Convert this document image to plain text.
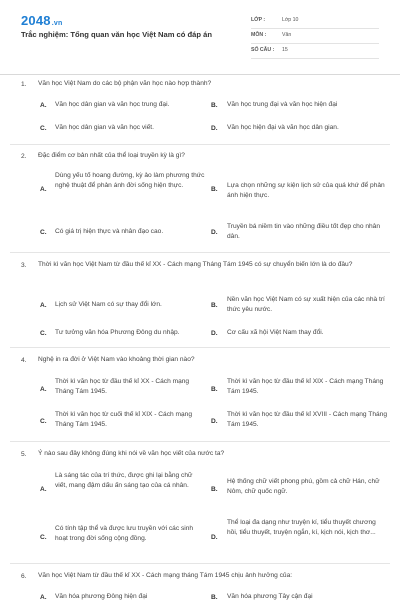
2048.vn
Trắc nghiệm: Tổng quan văn học Việt Nam có đáp án
LỚP :	Lớp 10
MÔN :	Văn
SỐ CÂU : 15
1. Văn học Việt Nam do các bộ phận văn học nào hợp thành?
A. Văn học dân gian và văn học trung đại.	B. Văn học trung đại và văn học hiện đại
C. Văn học dân gian và văn học viết.	D. Văn học hiện đại và văn học dân gian.
2. Đặc điểm cơ bản nhất của thể loại truyền kỳ là gì?
A.
Dùng yếu tố hoang đường, kỳ ảo làm phương thức nghệ thuật để phản ánh đời sống hiện thực.
B.
Lựa chọn những sự kiện lịch sử của quá khứ để phản ánh hiện thực.
C. Có giá trị hiện thực và nhân đạo cao.	D.
Truyền bá niềm tin vào những điều tốt đẹp cho nhân dân.
3. Thời kì văn học Việt Nam từ đầu thế kỉ XX - Cách mạng Tháng Tám 1945 có sự chuyển biến lớn là do đâu?
A. Lịch sử Việt Nam có sự thay đổi lớn.	B.
Nền văn học Việt Nam có sự xuất hiện của các nhà trí thức yêu nước.
C. Tư tưởng văn hóa Phương Đông du nhập.	D. Cơ cấu xã hội Việt Nam thay đổi.
4. Nghệ in ra đời ở Việt Nam vào khoảng thời gian nào?
A.
Thời kì văn học từ đầu thế kỉ XX - Cách mạng Tháng Tám 1945.	B.
Thời kì văn học từ đầu thế kỉ XIX - Cách mạng Tháng Tám 1945.
C.
Thời kì văn học từ cuối thế kỉ XIX - Cách mạng Tháng Tám 1945.	D.
Thời kì văn học từ đầu thế kỉ XVIII - Cách mạng Tháng Tám 1945.
5. Ý nào sau đây không đúng khi nói về văn học viết của nước ta?
A.
Là sáng tác của trí thức, được ghi lại bằng chữ viết, mang đậm dấu ấn sáng tạo của cá nhân.
B.
Hệ thống chữ viết phong phú, gồm cả chữ Hán, chữ Nôm, chữ quốc ngữ.
C.
Có tính tập thể và được lưu truyền với các sinh hoạt trong đời sống cộng đồng.	D.
Thể loại đa dạng như truyện kí, tiểu thuyết chương hồi, tiểu thuyết, truyện ngắn, kí, kịch nói, kịch thơ...
6. Văn học Việt Nam từ đầu thế kỉ XX - Cách mạng tháng Tám 1945 chịu ảnh hưởng của:
A. Văn hóa phương Đông hiện đại	B. Văn hóa phương Tây cận đại
